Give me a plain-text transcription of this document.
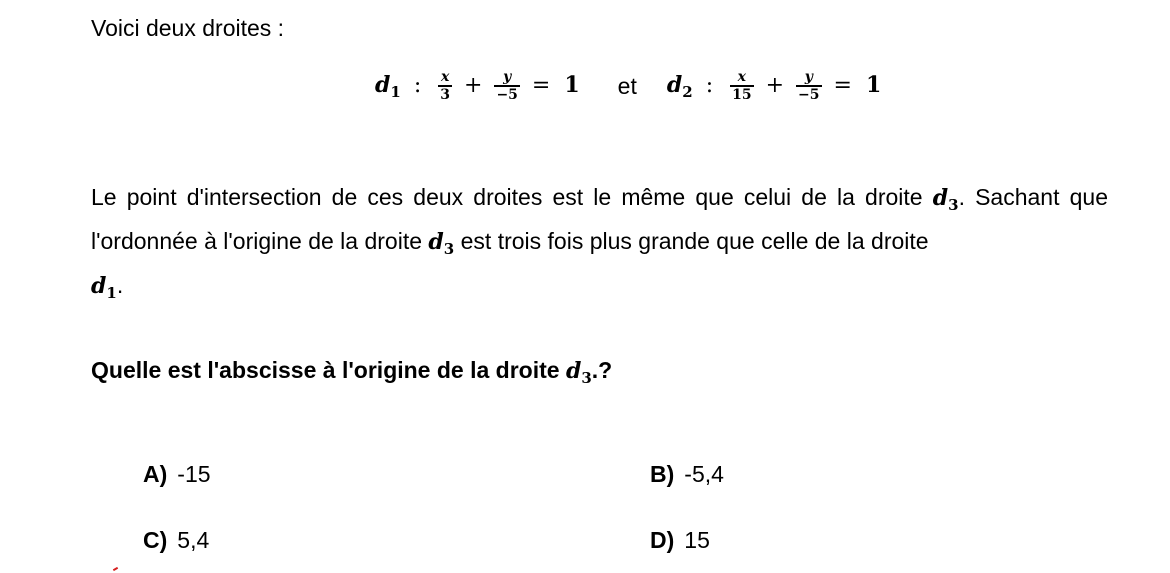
Voici deux droites :
$d_1$ : $\frac{x}{3} + \frac{y}{-5} = 1$ et $d_2$ : $\frac{x}{15} + \frac{y}{-5} = 1$
Le point d'intersection de ces deux droites est le même que celui de la droite $d_3$. Sachant que l'ordonnée à l'origine de la droite $d_3$ est trois fois plus grande que celle de la droite
$d_1$.
Quelle est l'abscisse à l'origine de la droite $d_3$.?
A) -15	B) -5,4
C) 5,4	D) 15
